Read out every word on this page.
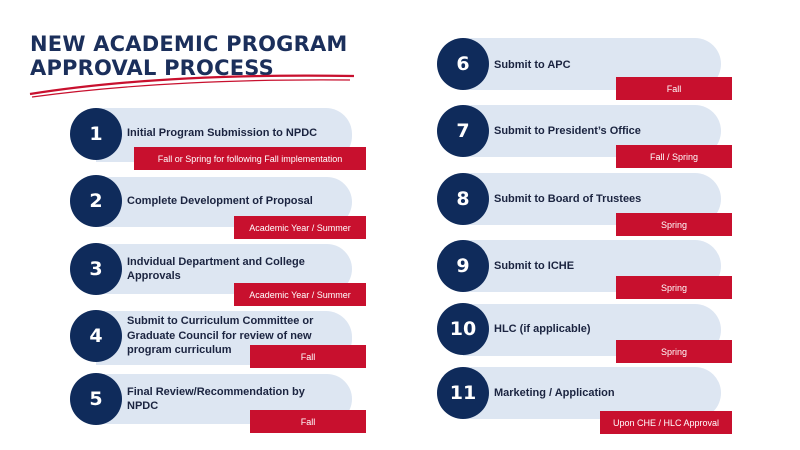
NEW ACADEMIC PROGRAM
APPROVAL PROCESS
Initial Program Submission to NPDC
Fall or Spring for following Fall implementation
1
Complete Development of Proposal
Academic Year / Summer
2
Indvidual Department and College Approvals
Academic Year / Summer
3
Submit to Curriculum Committee or Graduate Council for review of new program curriculum
Fall
4
Final Review/Recommendation by NPDC
Fall
5
Submit to APC
Fall
6
Submit to President’s Office
Fall / Spring
7
Submit to Board of Trustees
Spring
8
Submit to ICHE
Spring
9
HLC (if applicable)
Spring
10
Marketing / Application
Upon CHE / HLC Approval
11
